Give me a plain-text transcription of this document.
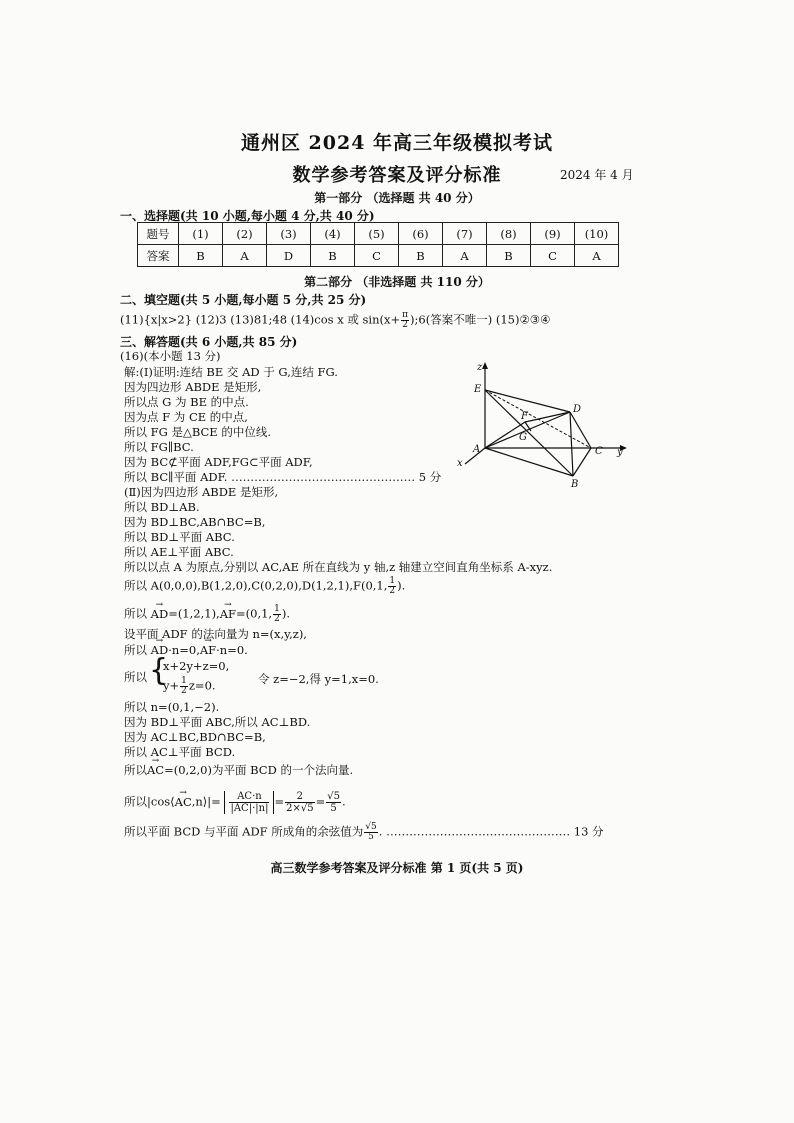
通州区 2024 年高三年级模拟考试
数学参考答案及评分标准	2024 年 4 月
第一部分 （选择题 共 40 分）
一、选择题(共 10 小题,每小题 4 分,共 40 分)
题号	(1)	(2)	(3)	(4)	(5)	(6)	(7)	(8)	(9)	(10)
答案	B	A	D	B	C	B	A	B	C	A
第二部分 （非选择题 共 110 分）
二、填空题(共 5 小题,每小题 5 分,共 25 分)
(11){x|x>2} (12)3 (13)81;48 (14)cos x 或 $\sin(x+ \frac{\pi}{2}$ );6(答案不唯一) (15)②③④
三、解答题(共 6 小题,共 85 分)
(16)(本小题 13 分)
解:(Ⅰ)证明:连结 BE 交 AD 于 G,连结 FG.
因为四边形 ABDE 是矩形,
所以点 G 为 BE 的中点.
因为点 F 为 CE 的中点,
所以 FG 是△BCE 的中位线.
所以 FG∥BC.
因为 BC⊄平面 ADF,FG⊂平面 ADF,
所以 BC∥平面 ADF. ………………………………………… 5 分
(Ⅱ)因为四边形 ABDE 是矩形,
所以 BD⊥AB.
因为 BD⊥BC,AB∩BC=B,
所以 BD⊥平面 ABC.
所以 AE⊥平面 ABC.
所以以点 A 为原点,分别以 AC,AE 所在直线为 y 轴,z 轴建立空间直角坐标系 A-xyz.
所以 A(0,0,0),B(1,2,0),C(0,2,0),D(1,2,1),F(0,1, $\frac{1}{2}$ ).
所以 → AD=(1,2,1),→ AF=(0,1, $\frac{1}{2}$ ).
设平面 ADF 的法向量为 n=(x,y,z),
所以 → AD·n=0,→ AF·n=0.
所以 {
x+2y+z=0,
$y+ \frac{1}{2} z=0$.	令 z=−2,得 y=1,x=0.
所以 n=(0,1,−2).
因为 BD⊥平面 ABC,所以 AC⊥BD.
因为 AC⊥BC,BD∩BC=B,
所以 AC⊥平面 BCD.
所以→ AC=(0,2,0)为平面 BCD 的一个法向量.
所以|cos⟨→ AC,n⟩|= $\frac{AC\cdot n}{|AC|\cdot|n|} = \frac{2}{2\times√5} = \frac{√5}{5}$ .
所以平面 BCD 与平面 ADF 所成角的余弦值为 $\frac{√5}{5}$ . ………………………………………… 13 分
z
E
F
D
G
A	C y
x
B
高三数学参考答案及评分标准 第 1 页(共 5 页)
